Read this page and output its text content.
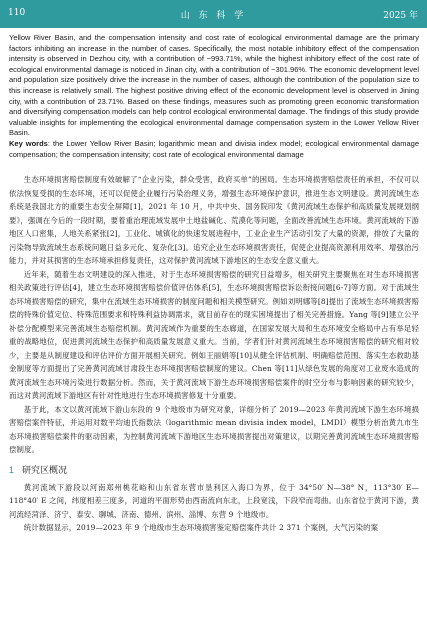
110	山 东 科 学	2025 年

Yellow River Basin, and the compensation intensity and cost rate of ecological environmental damage are the primary factors inhibiting an increase in the number of cases. Specifically, the most notable inhibitory effect of the compensation intensity is observed in Dezhou city, with a contribution of −993.71%, while the highest inhibitory effect of the cost rate of ecological environmental damage is noticed in Jinan city, with a contribution of −301.96%. The economic development level and population size positively drive the increase in the number of cases, although the contribution of the population size to this increase is relatively small. The highest positive driving effect of the economic development level is observed in Jining city, with a contribution of 23.71%. Based on these findings, measures such as promoting green economic transformation and diversifying compensation models can help control ecological environmental damage. The findings of this study provide valuable insights for implementing the ecological environmental damage compensation system in the Lower Yellow River Basin.

Key words: the Lower Yellow River Basin; logarithmic mean and divisia index model; ecological environmental damage compensation; the compensation intensity; cost rate of ecological environmental damage

生态环境损害赔偿制度有效破解了“企业污染，群众受害，政府买单”的困局。生态环境损害赔偿责任的承担，不仅可以依法恢复受损的生态环境，还可以促使企业履行污染治理义务，增强生态环境保护意识，推进生态文明建设。黄河流域生态系统是我国北方的重要生态安全屏障[1]，2021 年 10 月，中共中央、国务院印发《黄河流域生态保护和高质量发展规划纲要》，强调在今后的一段时期，要着重治理流域发展中土地盐碱化、荒漠化等问题，全面改善流域生态环境。黄河流域的下游地区人口密集，人地关系紧张[2]，工业化、城镇化的快速发展进程中，工业企业生产活动引发了大量的资源，排放了大量的污染物导致流域生态系统问题日益多元化、复杂化[3]。追究企业生态环境损害责任，促使企业提高资源利用效率、增强治污能力，并对其损害的生态环境承担修复责任，这对保护黄河流域下游地区的生态安全意义重大。

近年来，随着生态文明建设的深入推进，对于生态环境损害赔偿的研究日益增多，相关研究主要聚焦在对生态环境损害相关政策进行评估[4]，建立生态环境损害赔偿价值评估体系[5]，生态环境损害赔偿诉讼衔接问题[6-7]等方面。对于流域生态环境损害赔偿的研究，集中在流域生态环境损害的制度问题和相关模型研究。例如刘明娜等[8]提出了流域生态环境损害赔偿的特殊价值定位、特殊范围要求和特殊利益协调需求，就目前存在的现实困境提出了相关完善措施。Yang 等[9]建立公平补偿分配模型来完善流域生态赔偿机制。黄河流域作为重要的生态廊道，在国家发展大局和生态环境安全格局中占有举足轻重的战略地位，促进黄河流域生态保护和高质量发展意义重大。当前，学者们针对黄河流域生态环境损害赔偿的研究相对较少，主要是从制度建设和评估评价方面开展相关研究。例如王丽娟等[10]从健全评估机制、明确赔偿范围、落实生态救助基金制度等方面提出了完善黄河流域甘肃段生态环境损害赔偿制度的建议。Chen 等[11]从绿色发展的角度对工业废水造成的黄河流域生态环境污染进行数据分析。然而，关于黄河流域下游生态环境损害赔偿案件的时空分布与影响因素的研究较少，而这对黄河流域下游地区有针对性地进行生态环境损害修复十分重要。

基于此，本文以黄河流域下游山东段的 9 个地级市为研究对象，详细分析了 2019—2023 年黄河流域下游生态环境损害赔偿案件特征，并运用对数平均迪氏指数法（logarithmic mean divisia index model，LMDI）模型分析治黄九市生态环境损害赔偿案件的驱动因素，为控制黄河流域下游地区生态环境损害提出对策建议，以期完善黄河流域生态环境损害赔偿制度。

1 研究区概况

黄河流域下游段以河南郑州桃花峪和山东省东营市垦利区入海口为界，位于 34°50′ N—38° N，113°30′ E—118°40′ E 之间，纬度相差三度多，河道的平面形势由西南流向东北，上段宽浅，下段窄而弯曲。山东省位于黄河下游，黄河流经菏泽、济宁、泰安、聊城、济南、德州、滨州、淄博、东营 9 个地级市。

统计数据显示，2019—2023 年 9 个地级市生态环境损害鉴定赔偿案件共计 2 371 个案例，大气污染的案
